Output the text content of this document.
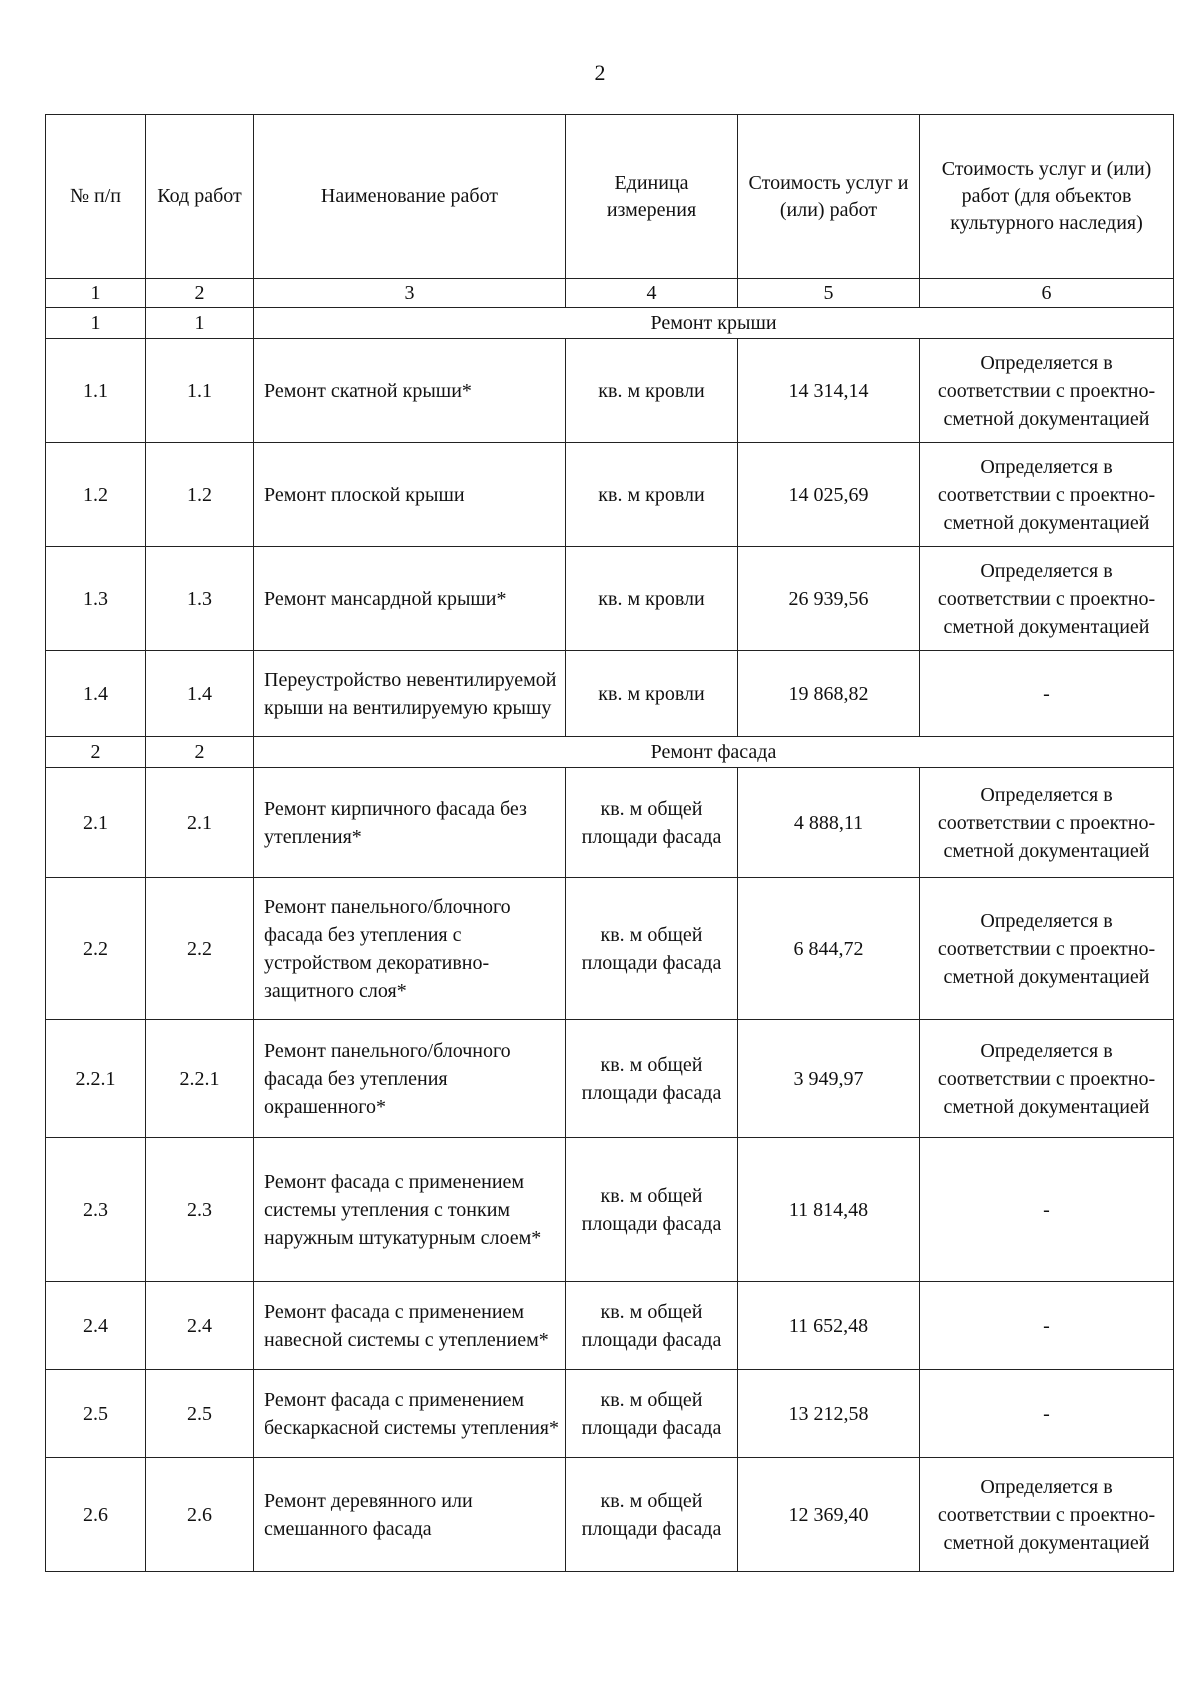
2
№ п/п	Код работ	Наименование работ	Единица измерения	Стоимость услуг и (или) работ	Стоимость услуг и (или) работ (для объектов культурного наследия)
1	2	3	4	5	6
1	1	Ремонт крыши			
1.1	1.1	Ремонт скатной крыши*	кв. м кровли	14 314,14	Определяется в соответствии с проектно-сметной документацией
1.2	1.2	Ремонт плоской крыши	кв. м кровли	14 025,69	Определяется в соответствии с проектно-сметной документацией
1.3	1.3	Ремонт мансардной крыши*	кв. м кровли	26 939,56	Определяется в соответствии с проектно-сметной документацией
1.4	1.4	Переустройство невентилируемой крыши на вентилируемую крышу	кв. м кровли	19 868,82	-
2	2	Ремонт фасада			
2.1	2.1	Ремонт кирпичного фасада без утепления*	кв. м общей площади фасада	4 888,11	Определяется в соответствии с проектно-сметной документацией
2.2	2.2	Ремонт панельного/блочного фасада без утепления с устройством декоративно-защитного слоя*	кв. м общей площади фасада	6 844,72	Определяется в соответствии с проектно-сметной документацией
2.2.1	2.2.1	Ремонт панельного/блочного фасада без утепления окрашенного*	кв. м общей площади фасада	3 949,97	Определяется в соответствии с проектно-сметной документацией
2.3	2.3	Ремонт фасада с применением системы утепления с тонким наружным штукатурным слоем*	кв. м общей площади фасада	11 814,48	-
2.4	2.4	Ремонт фасада с применением навесной системы с утеплением*	кв. м общей площади фасада	11 652,48	-
2.5	2.5	Ремонт фасада с применением бескаркасной системы утепления*	кв. м общей площади фасада	13 212,58	-
2.6	2.6	Ремонт деревянного или смешанного фасада	кв. м общей площади фасада	12 369,40	Определяется в соответствии с проектно-сметной документацией
